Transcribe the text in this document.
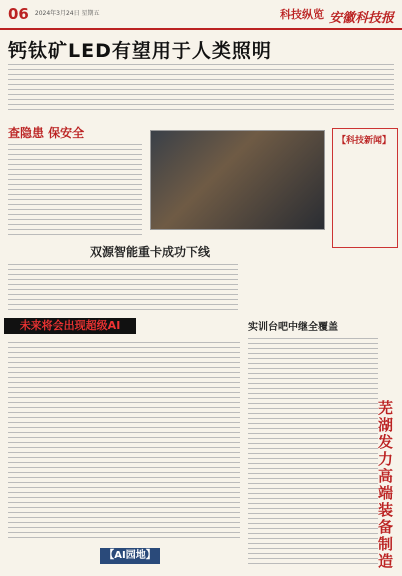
06 2024年3月24日 星期五	科技纵览 安徽科技报
钙钛矿LED有望用于人类照明
查隐患 保安全
【科技新闻】
双源智能重卡成功下线
实训台吧中继全覆盖
未来将会出现超级AI
芜湖发力高端装备制造
【AI园地】
